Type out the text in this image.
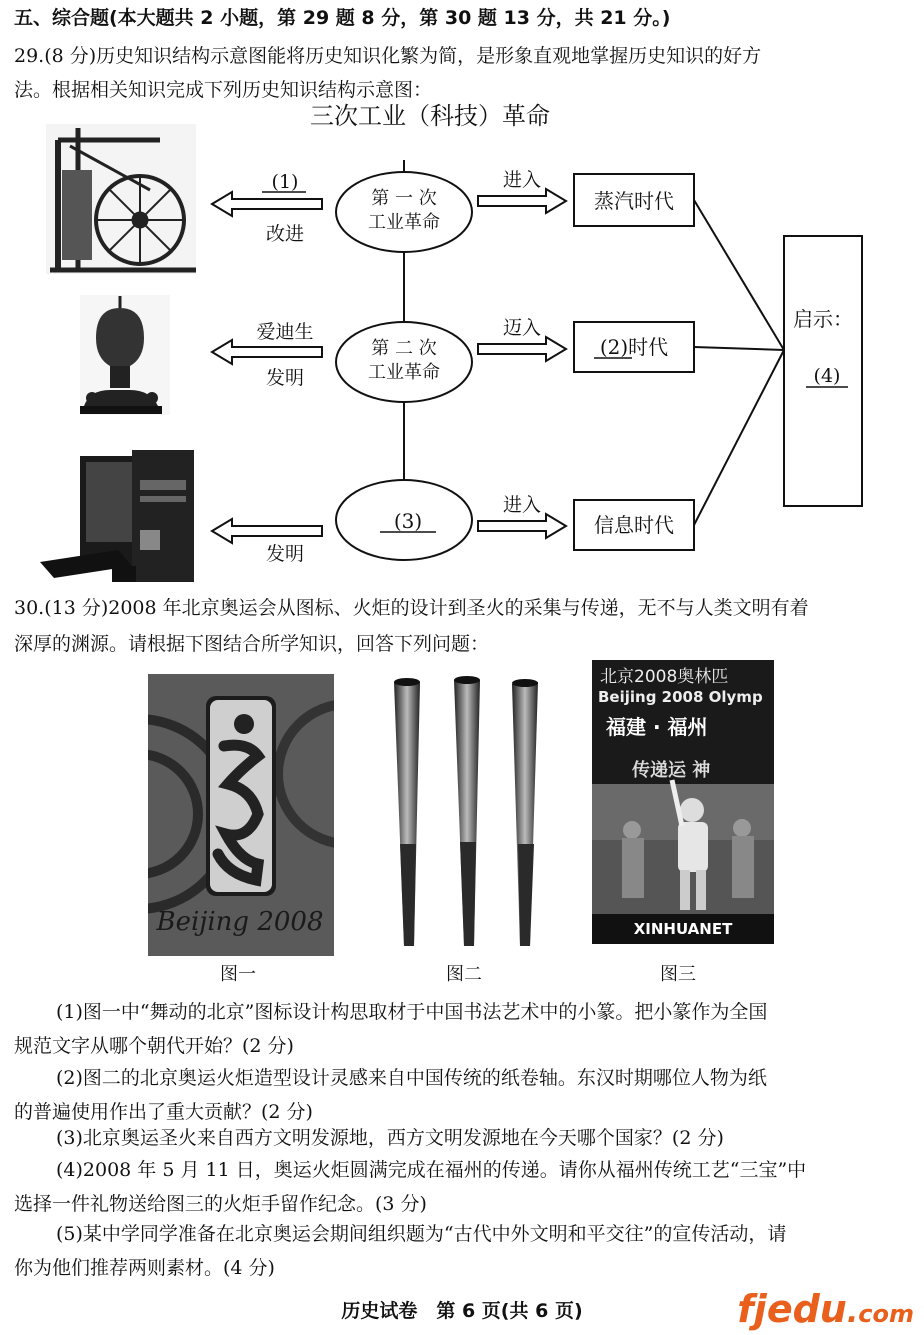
五、综合题(本大题共 2 小题，第 29 题 8 分，第 30 题 13 分，共 21 分。)
29.(8 分)历史知识结构示意图能将历史知识化繁为简，是形象直观地掌握历史知识的好方
法。根据相关知识完成下列历史知识结构示意图：
三次工业（科技）革命
第 一 次
工业革命
第 二 次
工业革命
(3)
(1)
改进
爱迪生
发明
发明
进入
迈入
进入
蒸汽时代
(2)时代
信息时代
启示：
(4)
30.(13 分)2008 年北京奥运会从图标、火炬的设计到圣火的采集与传递，无不与人类文明有着
深厚的渊源。请根据下图结合所学知识，回答下列问题：
Beijing 2008
图一	图二
北京2008奥林匹
Beijing 2008 Olymp
福建 · 福州
传递运 神
XINHUANET
图三
(1)图一中“舞动的北京”图标设计构思取材于中国书法艺术中的小篆。把小篆作为全国
规范文字从哪个朝代开始？(2 分)
(2)图二的北京奥运火炬造型设计灵感来自中国传统的纸卷轴。东汉时期哪位人物为纸
的普遍使用作出了重大贡献？(2 分)
(3)北京奥运圣火来自西方文明发源地，西方文明发源地在今天哪个国家？(2 分)
(4)2008 年 5 月 11 日，奥运火炬圆满完成在福州的传递。请你从福州传统工艺“三宝”中
选择一件礼物送给图三的火炬手留作纪念。(3 分)
(5)某中学同学准备在北京奥运会期间组织题为“古代中外文明和平交往”的宣传活动，请
你为他们推荐两则素材。(4 分)
历史试卷　第 6 页(共 6 页)	fjedu.com
